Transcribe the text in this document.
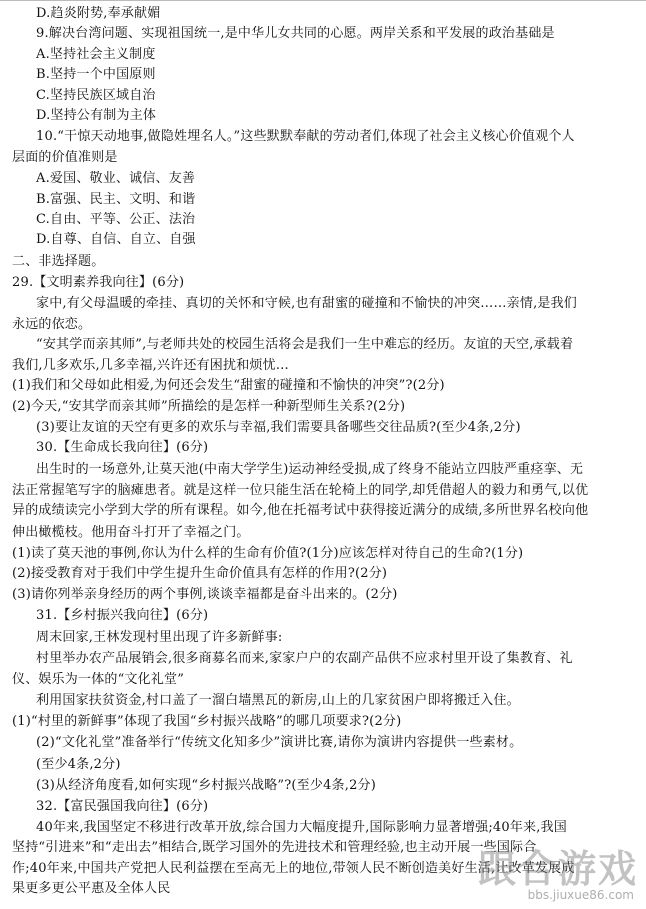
D.趋炎附势,奉承献媚
9.解决台湾问题、实现祖国统一,是中华儿女共同的心愿。两岸关系和平发展的政治基础是
A.坚持社会主义制度
B.坚持一个中国原则
C.坚持民族区域自治
D.坚持公有制为主体
10.“干惊天动地事,做隐姓埋名人。”这些默默奉献的劳动者们,体现了社会主义核心价值观个人
层面的价值准则是
A.爱国、敬业、诚信、友善
B.富强、民主、文明、和谐
C.自由、平等、公正、法治
D.自尊、自信、自立、自强
二、非选择题。
29.【文明素养我向往】(6分)
家中,有父母温暖的牵挂、真切的关怀和守候,也有甜蜜的碰撞和不愉快的冲突……亲情,是我们
永远的依恋。
“安其学而亲其师”,与老师共处的校园生活将会是我们一生中难忘的经历。友谊的天空,承载着
我们,几多欢乐,几多幸福,兴许还有困扰和烦忧…
(1)我们和父母如此相爱,为何还会发生“甜蜜的碰撞和不愉快的冲突”?(2分)
(2)今天,“安其学而亲其师”所描绘的是怎样一种新型师生关系?(2分)
(3)要让友谊的天空有更多的欢乐与幸福,我们需要具备哪些交往品质?(至少4条,2分)
30.【生命成长我向往】(6分)
出生时的一场意外,让莫天池(中南大学学生)运动神经受损,成了终身不能站立四肢严重痉挛、无
法正常握笔写字的脑瘫患者。就是这样一位只能生活在轮椅上的同学,却凭借超人的毅力和勇气,以优
异的成绩读完小学到大学的所有课程。如今,他在托福考试中获得接近满分的成绩,多所世界名校向他
伸出橄榄枝。他用奋斗打开了幸福之门。
(1)读了莫天池的事例,你认为什么样的生命有价值?(1分)应该怎样对待自己的生命?(1分)
(2)接受教育对于我们中学生提升生命价值具有怎样的作用?(2分)
(3)请你列举亲身经历的两个事例,谈谈幸福都是奋斗出来的。(2分)
31.【乡村振兴我向往】(6分)
周末回家,王林发现村里出现了许多新鲜事:
村里举办农产品展销会,很多商募名而来,家家户户的农副产品供不应求村里开设了集教育、礼
仪、娱乐为一体的“文化礼堂”
利用国家扶贫资金,村口盖了一溜白墙黑瓦的新房,山上的几家贫困户即将搬迁入住。
(1)“村里的新鲜事”体现了我国“乡村振兴战略”的哪几项要求?(2分)
(2)“文化礼堂”准备举行“传统文化知多少”演讲比赛,请你为演讲内容提供一些素材。
(至少4条,2分)
(3)从经济角度看,如何实现“乡村振兴战略”?(至少4条,2分)
32.【富民强国我向往】(6分)
40年来,我国坚定不移进行改革开放,综合国力大幅度提升,国际影响力显著增强;40年来,我国
坚持“引进来”和“走出去”相结合,既学习国外的先进技术和管理经验,也主动开展一些国际合
作;40年来,中国共产党把人民利益摆在至高无上的地位,带领人民不断创造美好生活,让改革发展成
果更多更公平惠及全体人民	跟合游戏
bbs.jiuxue86.com
